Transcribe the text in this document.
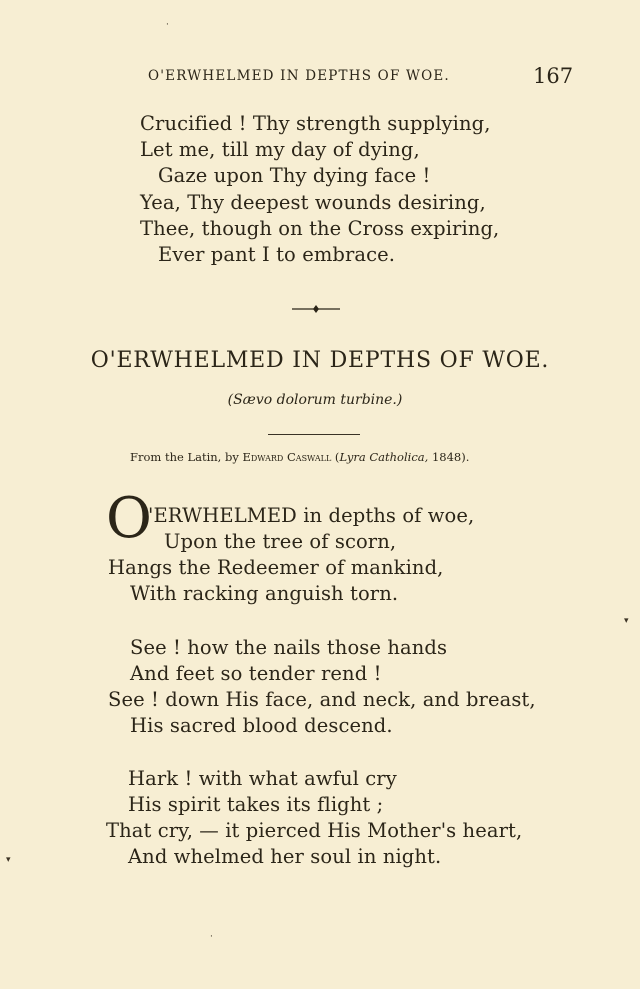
O'ERWHELMED IN DEPTHS OF WOE.	167
Crucified ! Thy strength supplying,
Let me, till my day of dying,
Gaze upon Thy dying face !
Yea, Thy deepest wounds desiring,
Thee, though on the Cross expiring,
Ever pant I to embrace.
O'ERWHELMED IN DEPTHS OF WOE.
(Sævo dolorum turbine.)
From the Latin, by Edward Caswall (Lyra Catholica, 1848).
O
'ERWHELMED in depths of woe,
Upon the tree of scorn,
Hangs the Redeemer of mankind,
With racking anguish torn.
See ! how the nails those hands
And feet so tender rend !
See ! down His face, and neck, and breast,
His sacred blood descend.
Hark ! with what awful cry
His spirit takes its flight ;
That cry, — it pierced His Mother's heart,
And whelmed her soul in night.
·
▾
▾
·
